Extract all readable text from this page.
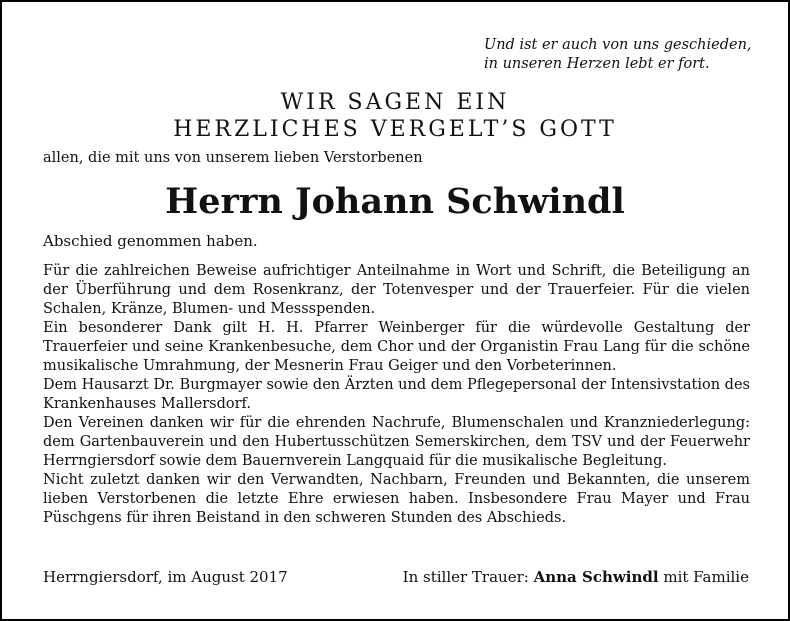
Und ist er auch von uns geschieden,
in unseren Herzen lebt er fort.
WIR SAGEN EIN
HERZLICHES VERGELT’S GOTT
allen, die mit uns von unserem lieben Verstorbenen
Herrn Johann Schwindl
Abschied genommen haben.

Für die zahlreichen Beweise aufrichtiger Anteilnahme in Wort und Schrift, die Beteiligung an der Überführung und dem Rosenkranz, der Totenvesper und der Trauerfeier. Für die vielen Schalen, Kränze, Blumen- und Messspenden.

Ein besonderer Dank gilt H. H. Pfarrer Weinberger für die würdevolle Gestaltung der Trauerfeier und seine Krankenbesuche, dem Chor und der Organistin Frau Lang für die schöne musikalische Umrahmung, der Mesnerin Frau Geiger und den Vorbeterinnen.

Dem Hausarzt Dr. Burgmayer sowie den Ärzten und dem Pflegepersonal der Intensivstation des Krankenhauses Mallersdorf.

Den Vereinen danken wir für die ehrenden Nachrufe, Blumenschalen und Kranzniederlegung: dem Gartenbauverein und den Hubertusschützen Semerskirchen, dem TSV und der Feuerwehr Herrngiersdorf sowie dem Bauernverein Langquaid für die musikalische Begleitung.

Nicht zuletzt danken wir den Verwandten, Nachbarn, Freunden und Bekannten, die unserem lieben Verstorbenen die letzte Ehre erwiesen haben. Insbesondere Frau Mayer und Frau Püschgens für ihren Beistand in den schweren Stunden des Abschieds.

Herrngiersdorf, im August 2017	In stiller Trauer: Anna Schwindl mit Familie
